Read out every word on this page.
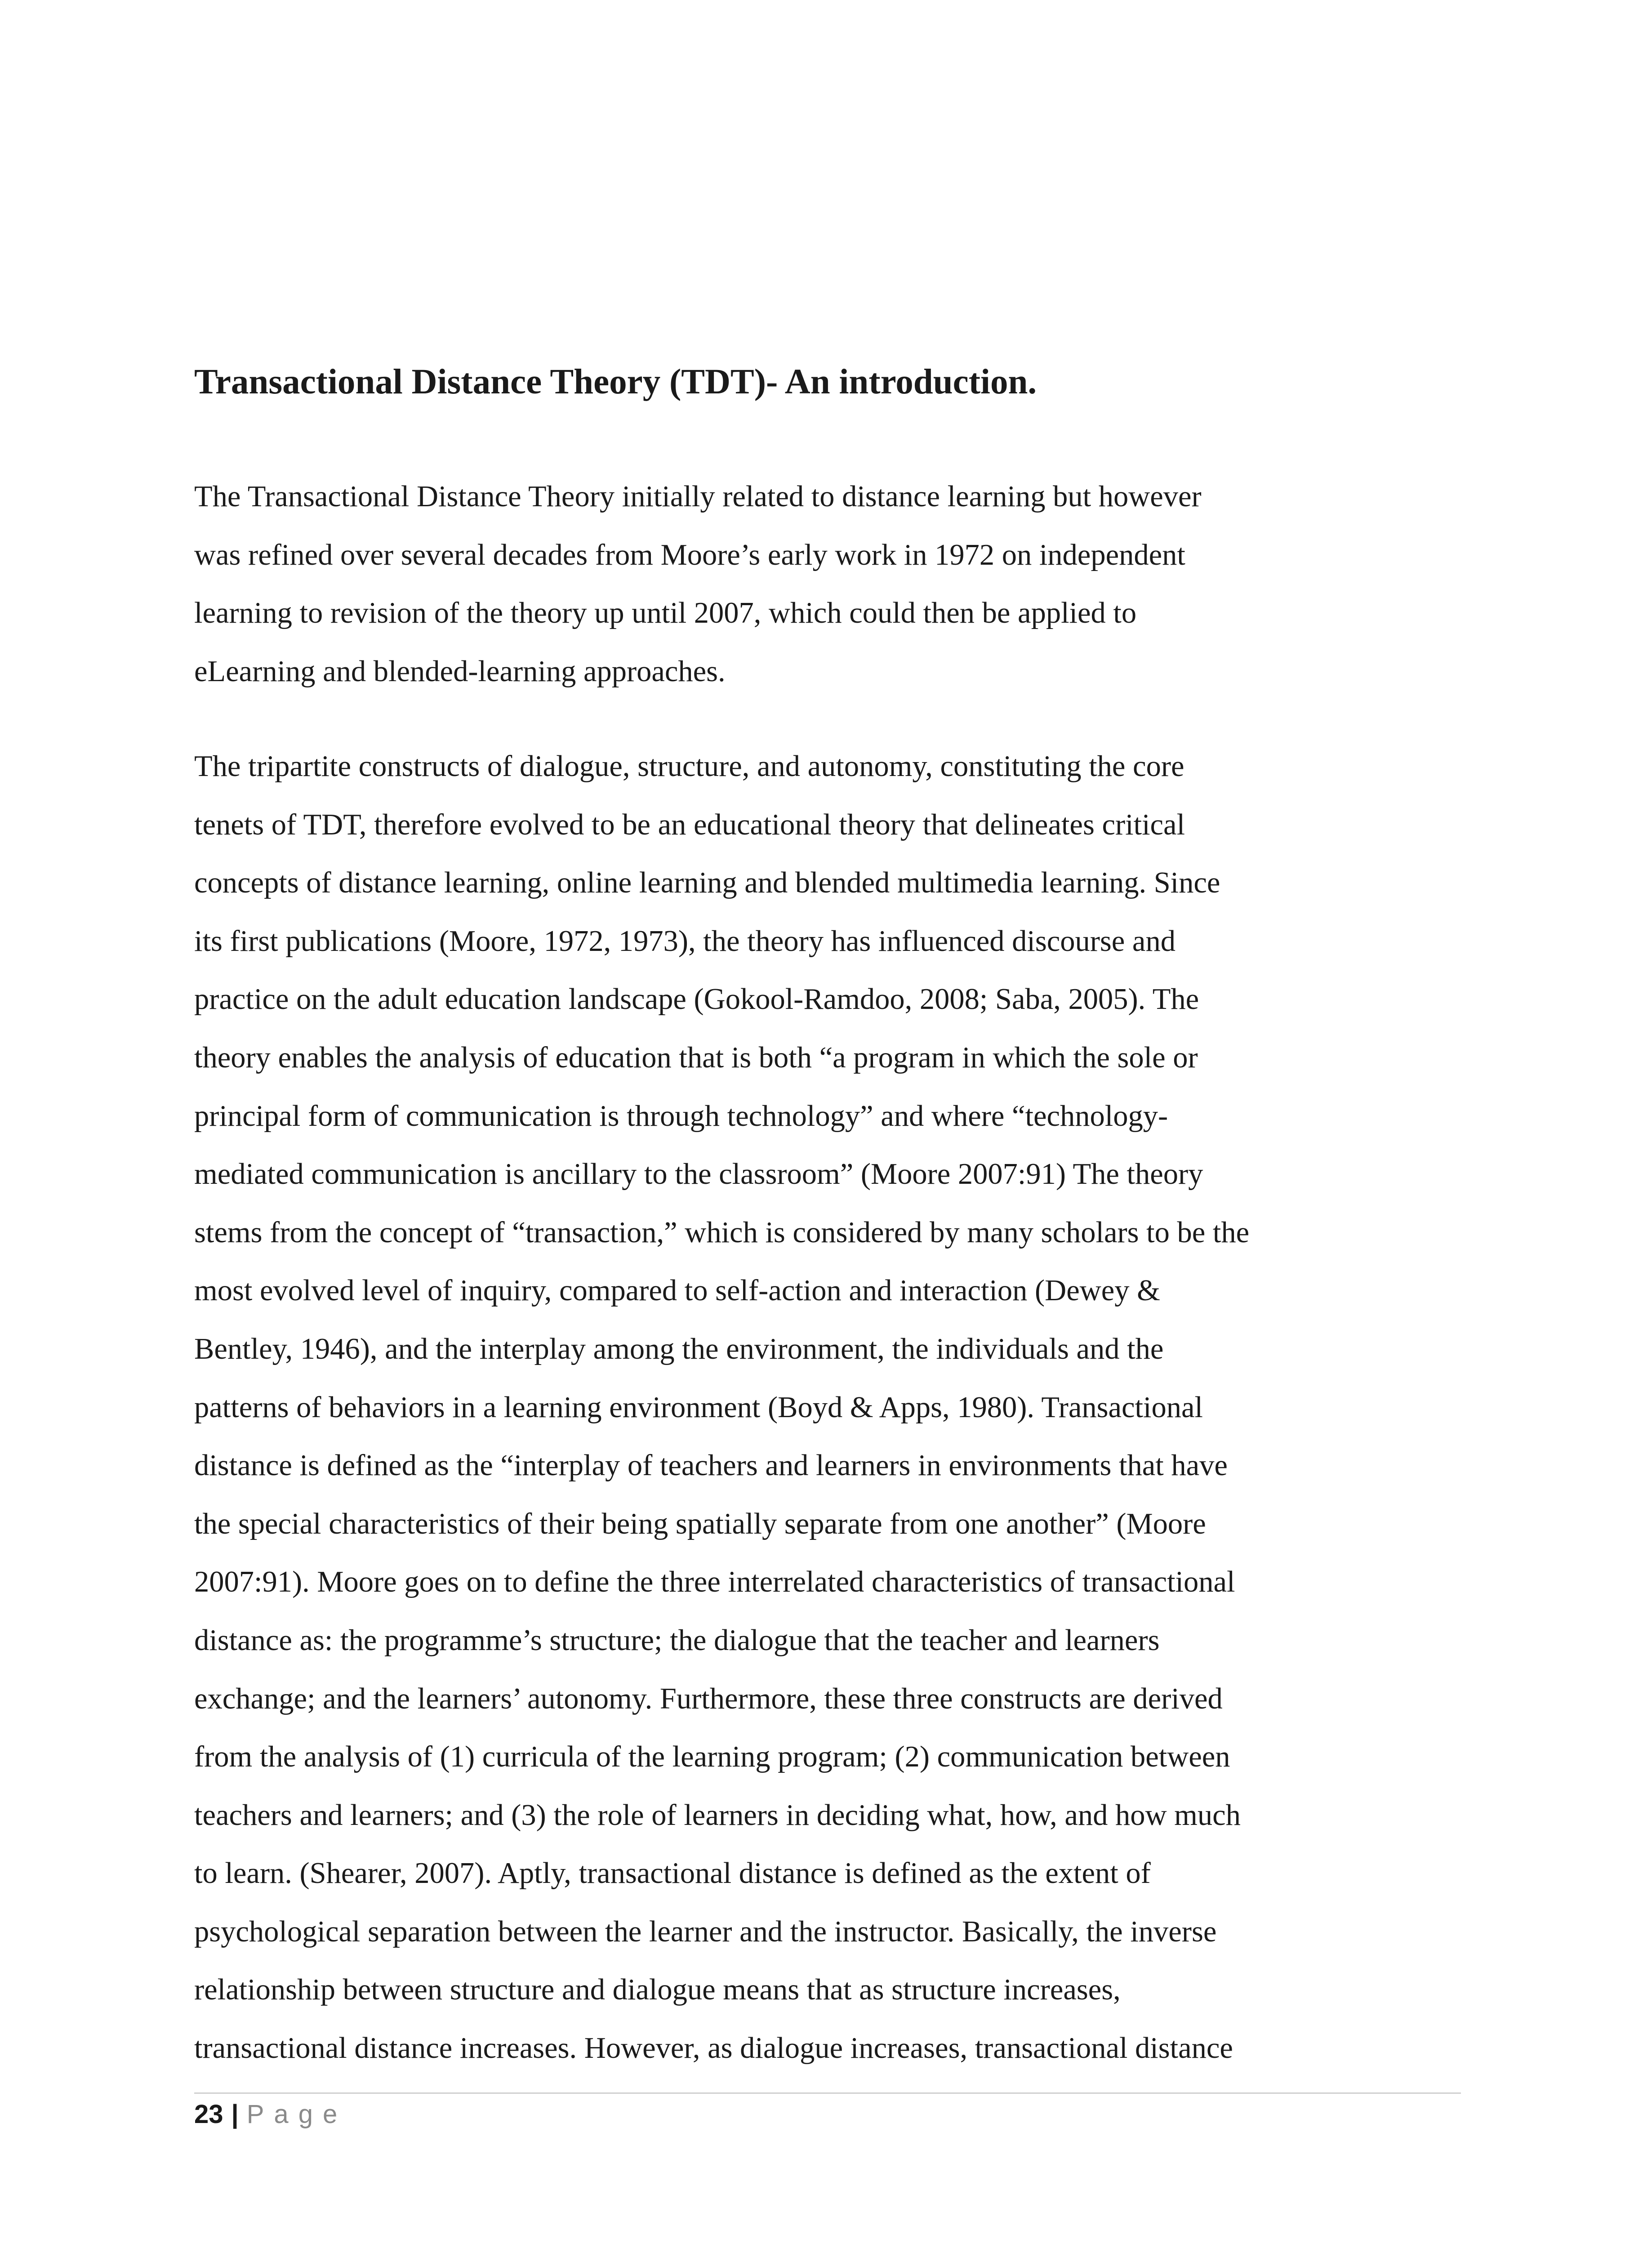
Transactional Distance Theory (TDT)- An introduction.
The Transactional Distance Theory initially related to distance learning but however
was refined over several decades from Moore’s early work in 1972 on independent
learning to revision of the theory up until 2007, which could then be applied to
eLearning and blended-learning approaches.
The tripartite constructs of dialogue, structure, and autonomy, constituting the core
tenets of TDT, therefore evolved to be an educational theory that delineates critical
concepts of distance learning, online learning and blended multimedia learning. Since
its first publications (Moore, 1972, 1973), the theory has influenced discourse and
practice on the adult education landscape (Gokool-Ramdoo, 2008; Saba, 2005). The
theory enables the analysis of education that is both “a program in which the sole or
principal form of communication is through technology” and where “technology-
mediated communication is ancillary to the classroom” (Moore 2007:91) The theory
stems from the concept of “transaction,” which is considered by many scholars to be the
most evolved level of inquiry, compared to self-action and interaction (Dewey &
Bentley, 1946), and the interplay among the environment, the individuals and the
patterns of behaviors in a learning environment (Boyd & Apps, 1980). Transactional
distance is defined as the “interplay of teachers and learners in environments that have
the special characteristics of their being spatially separate from one another” (Moore
2007:91). Moore goes on to define the three interrelated characteristics of transactional
distance as: the programme’s structure; the dialogue that the teacher and learners
exchange; and the learners’ autonomy. Furthermore, these three constructs are derived
from the analysis of (1) curricula of the learning program; (2) communication between
teachers and learners; and (3) the role of learners in deciding what, how, and how much
to learn. (Shearer, 2007). Aptly, transactional distance is defined as the extent of
psychological separation between the learner and the instructor. Basically, the inverse
relationship between structure and dialogue means that as structure increases,
transactional distance increases. However, as dialogue increases, transactional distance
23 | Page
